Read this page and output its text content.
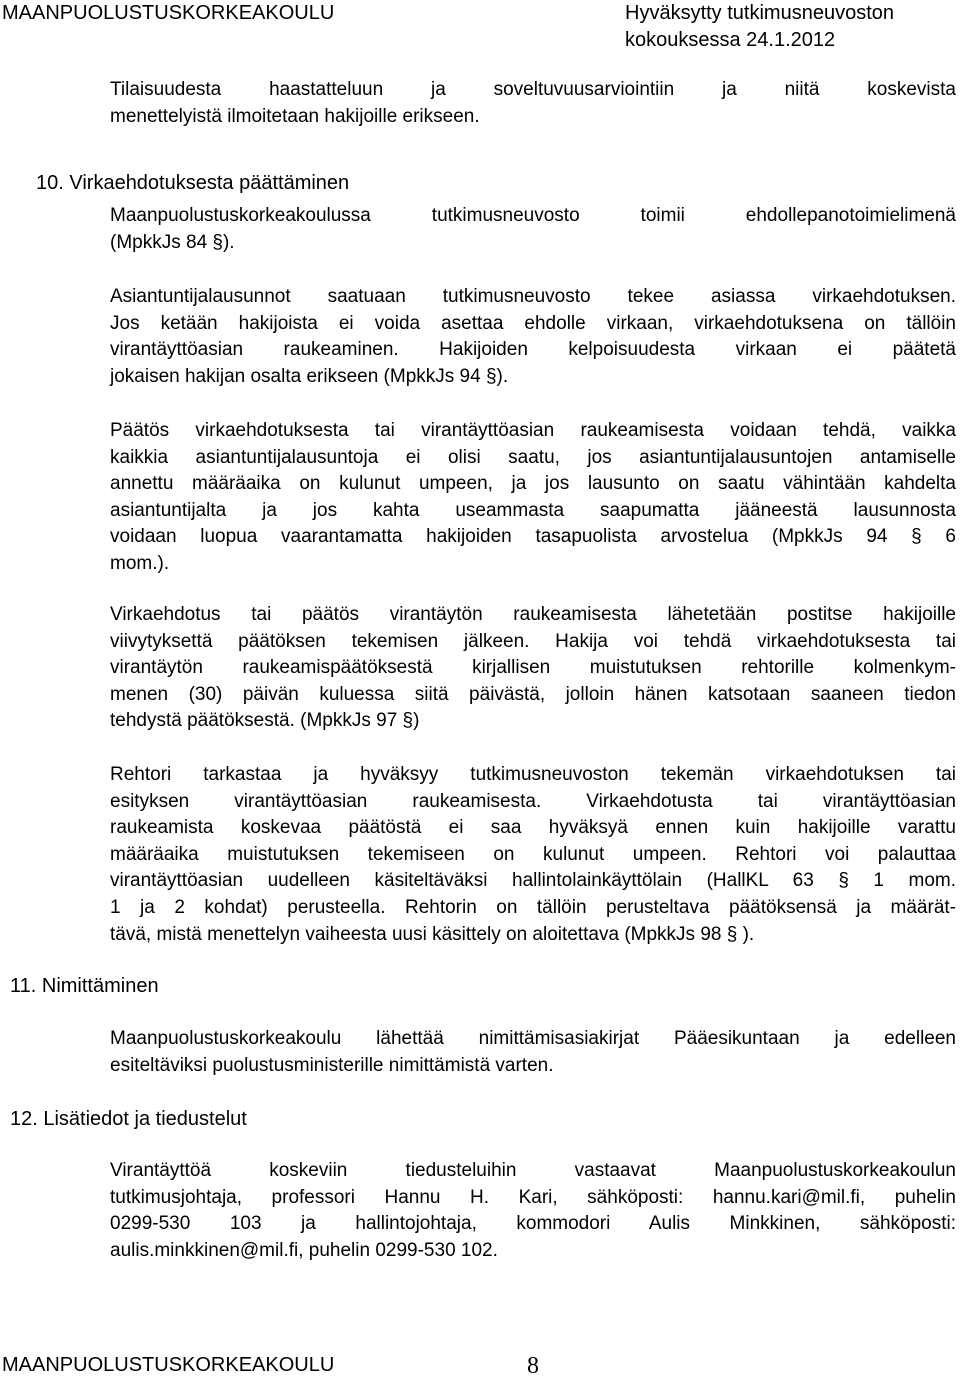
MAANPUOLUSTUSKORKEAKOULU	Hyväksytty tutkimusneuvoston
kokouksessa 24.1.2012
Tilaisuudesta haastatteluun ja soveltuvuusarviointiin ja niitä koskevista
menettelyistä ilmoitetaan hakijoille erikseen.
10. Virkaehdotuksesta päättäminen
Maanpuolustuskorkeakoulussa tutkimusneuvosto toimii ehdollepanotoimielimenä
(MpkkJs 84 §).
Asiantuntijalausunnot saatuaan tutkimusneuvosto tekee asiassa virkaehdotuksen.
Jos ketään hakijoista ei voida asettaa ehdolle virkaan, virkaehdotuksena on tällöin
virantäyttöasian raukeaminen. Hakijoiden kelpoisuudesta virkaan ei päätetä
jokaisen hakijan osalta erikseen (MpkkJs 94 §).
Päätös virkaehdotuksesta tai virantäyttöasian raukeamisesta voidaan tehdä, vaikka
kaikkia asiantuntijalausuntoja ei olisi saatu, jos asiantuntijalausuntojen antamiselle
annettu määräaika on kulunut umpeen, ja jos lausunto on saatu vähintään kahdelta
asiantuntijalta ja jos kahta useammasta saapumatta jääneestä lausunnosta
voidaan luopua vaarantamatta hakijoiden tasapuolista arvostelua (MpkkJs 94 § 6
mom.).
Virkaehdotus tai päätös virantäytön raukeamisesta lähetetään postitse hakijoille
viivytyksettä päätöksen tekemisen jälkeen. Hakija voi tehdä virkaehdotuksesta tai
virantäytön raukeamispäätöksestä kirjallisen muistutuksen rehtorille kolmenkym-
menen (30) päivän kuluessa siitä päivästä, jolloin hänen katsotaan saaneen tiedon
tehdystä päätöksestä. (MpkkJs 97 §)
Rehtori tarkastaa ja hyväksyy tutkimusneuvoston tekemän virkaehdotuksen tai
esityksen virantäyttöasian raukeamisesta. Virkaehdotusta tai virantäyttöasian
raukeamista koskevaa päätöstä ei saa hyväksyä ennen kuin hakijoille varattu
määräaika muistutuksen tekemiseen on kulunut umpeen. Rehtori voi palauttaa
virantäyttöasian uudelleen käsiteltäväksi hallintolainkäyttölain (HallKL 63 § 1 mom.
1 ja 2 kohdat) perusteella. Rehtorin on tällöin perusteltava päätöksensä ja määrät-
tävä, mistä menettelyn vaiheesta uusi käsittely on aloitettava (MpkkJs 98 § ).
11. Nimittäminen
Maanpuolustuskorkeakoulu lähettää nimittämisasiakirjat Pääesikuntaan ja edelleen
esiteltäviksi puolustusministerille nimittämistä varten.
12. Lisätiedot ja tiedustelut
Virantäyttöä koskeviin tiedusteluihin vastaavat Maanpuolustuskorkeakoulun
tutkimusjohtaja, professori Hannu H. Kari, sähköposti: hannu.kari@mil.fi, puhelin
0299-530 103 ja hallintojohtaja, kommodori Aulis Minkkinen, sähköposti:
aulis.minkkinen@mil.fi, puhelin 0299-530 102.
MAANPUOLUSTUSKORKEAKOULU	8
